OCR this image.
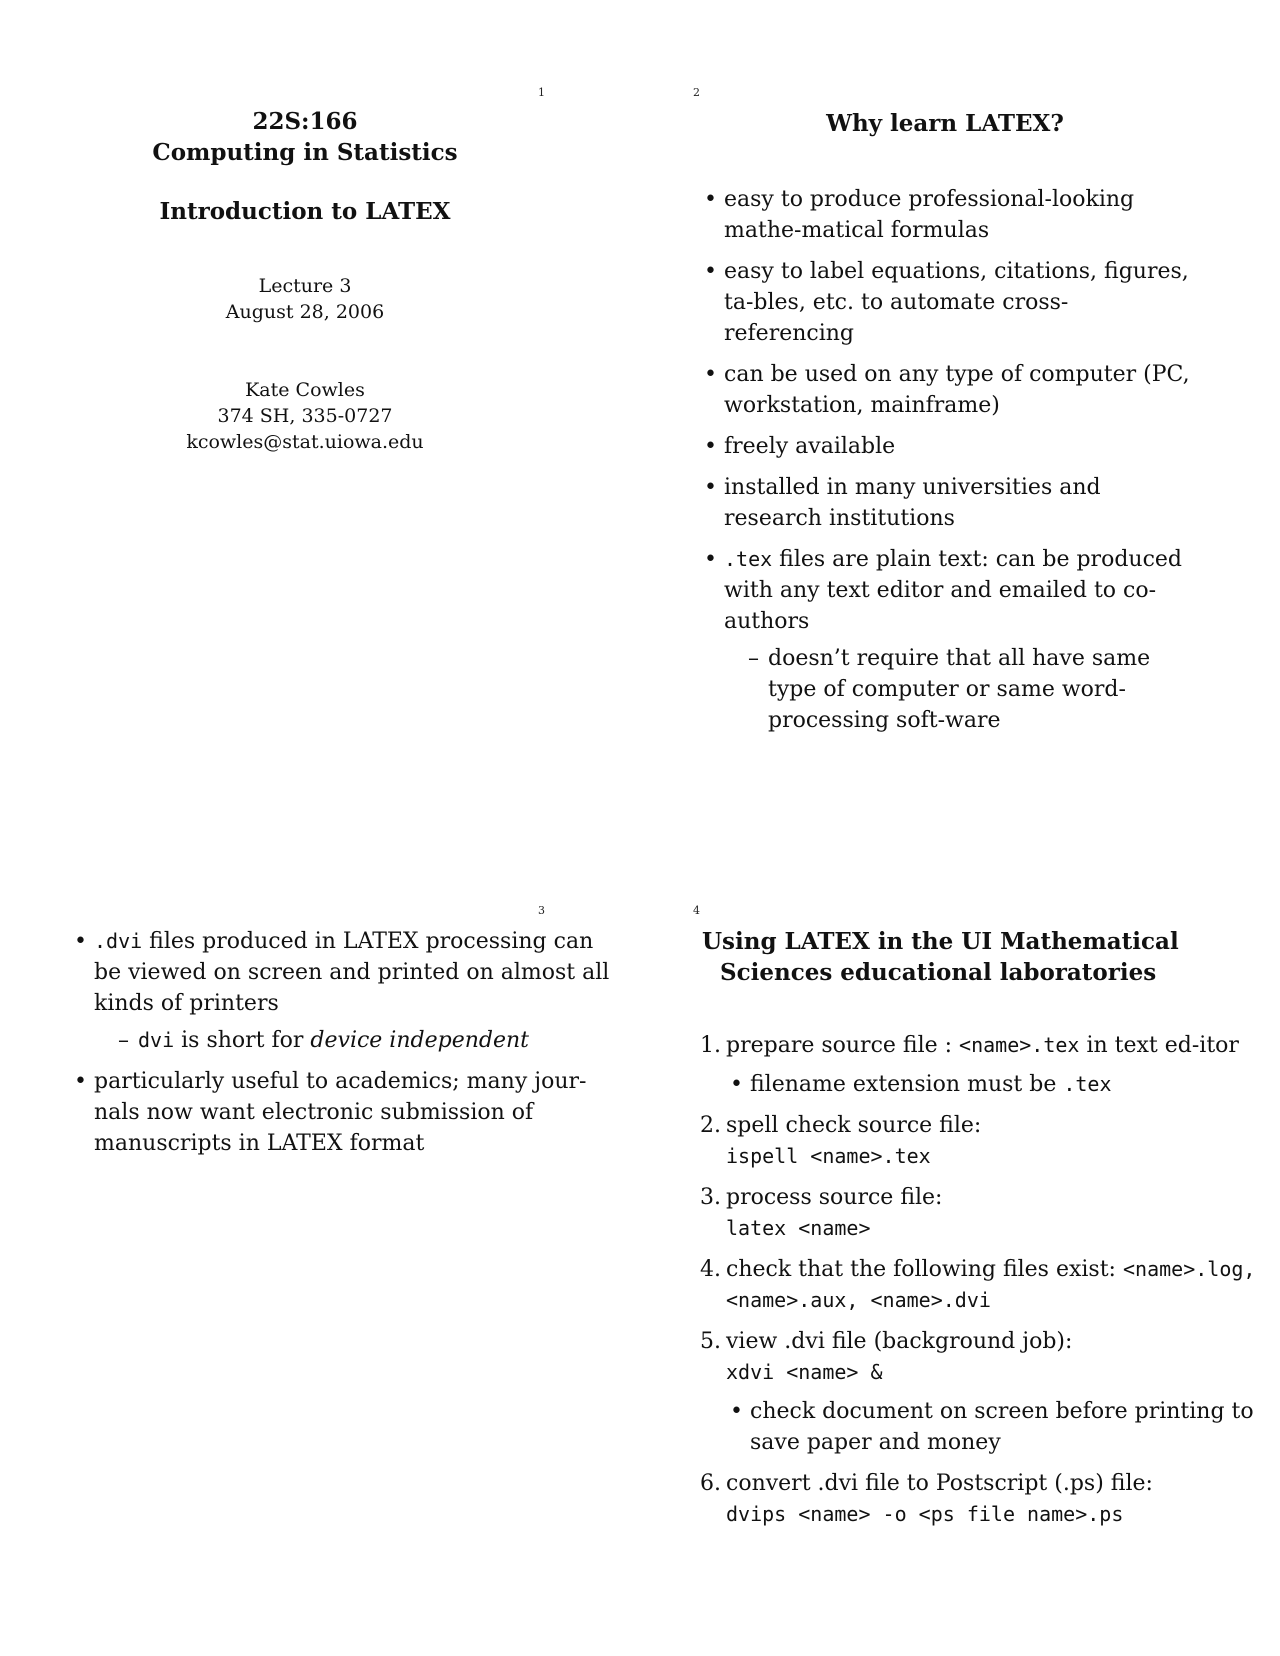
1
22S:166
Computing in Statistics
Introduction to LATEX
Lecture 3
August 28, 2006
Kate Cowles
374 SH, 335-0727
kcowles@stat.uiowa.edu
2
Why learn LATEX?
• easy to produce professional-looking mathe-matical formulas
• easy to label equations, citations, figures, ta-bles, etc. to automate cross-referencing
• can be used on any type of computer (PC, workstation, mainframe)
• freely available
• installed in many universities and research institutions
• .tex files are plain text: can be produced with any text editor and emailed to co-authors
– doesn’t require that all have same type of computer or same word-processing soft-ware
3
• .dvi files produced in LATEX processing can be viewed on screen and printed on almost all kinds of printers
– dvi is short for device independent
• particularly useful to academics; many jour-nals now want electronic submission of manuscripts in LATEX format
4
Using LATEX in the UI Mathematical
Sciences educational laboratories
1. prepare source file : <name>.tex in text ed-itor
• filename extension must be .tex
2. spell check source file:
ispell <name>.tex
3. process source file:
latex <name>
4. check that the following files exist: <name>.log, <name>.aux, <name>.dvi
5. view .dvi file (background job):
xdvi <name> &
• check document on screen before printing to save paper and money
6. convert .dvi file to Postscript (.ps) file:
dvips <name> -o <ps file name>.ps
